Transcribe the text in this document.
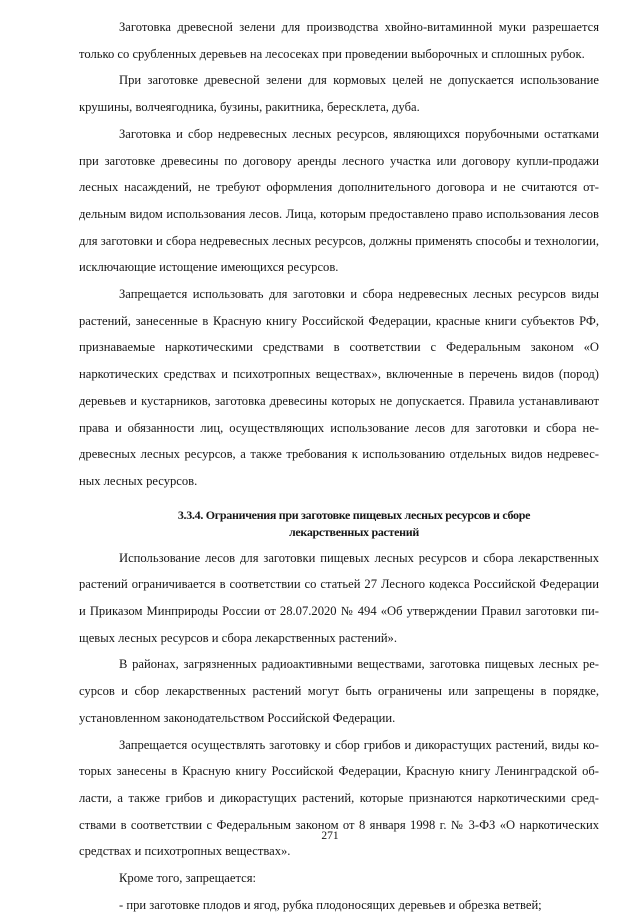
Заготовка древесной зелени для производства хвойно-витаминной муки разрешается только со срубленных деревьев на лесосеках при проведении выборочных и сплошных рубок.

При заготовке древесной зелени для кормовых целей не допускается использование крушины, волчеягодника, бузины, ракитника, бересклета, дуба.

Заготовка и сбор недревесных лесных ресурсов, являющихся порубочными остатками при заготовке древесины по договору аренды лесного участка или договору купли-продажи лесных насаждений, не требуют оформления дополнительного договора и не считаются отдельным видом использования лесов. Лица, которым предоставлено право использования лесов для заготовки и сбора недревесных лесных ресурсов, должны применять способы и технологии, исключающие истощение имеющихся ресурсов.

Запрещается использовать для заготовки и сбора недревесных лесных ресурсов виды растений, занесенные в Красную книгу Российской Федерации, красные книги субъектов РФ, признаваемые наркотическими средствами в соответствии с Федеральным законом «О наркотических средствах и психотропных веществах», включенные в перечень видов (пород) деревьев и кустарников, заготовка древесины которых не допускается. Правила устанавливают права и обязанности лиц, осуществляющих использование лесов для заготовки и сбора недревесных лесных ресурсов, а также требования к использованию отдельных видов недревесных лесных ресурсов.

3.3.4. Ограничения при заготовке пищевых лесных ресурсов и сборе
лекарственных растений

Использование лесов для заготовки пищевых лесных ресурсов и сбора лекарственных растений ограничивается в соответствии со статьей 27 Лесного кодекса Российской Федерации и Приказом Минприроды России от 28.07.2020 № 494 «Об утверждении Правил заготовки пищевых лесных ресурсов и сбора лекарственных растений».

В районах, загрязненных радиоактивными веществами, заготовка пищевых лесных ресурсов и сбор лекарственных растений могут быть ограничены или запрещены в порядке, установленном законодательством Российской Федерации.

Запрещается осуществлять заготовку и сбор грибов и дикорастущих растений, виды которых занесены в Красную книгу Российской Федерации, Красную книгу Ленинградской области, а также грибов и дикорастущих растений, которые признаются наркотическими средствами в соответствии с Федеральным законом от 8 января 1998 г. № 3-ФЗ «О наркотических средствах и психотропных веществах».

Кроме того, запрещается:

- при заготовке плодов и ягод, рубка плодоносящих деревьев и обрезка ветвей;

271
